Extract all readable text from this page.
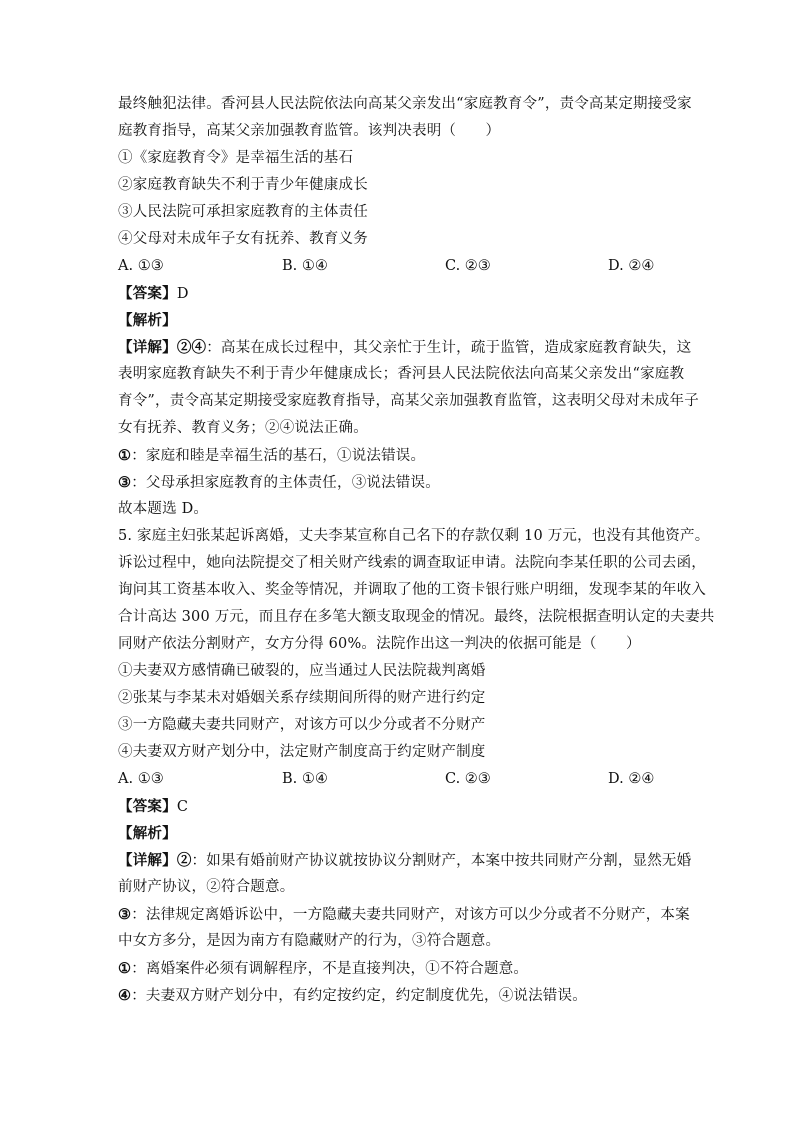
最终触犯法律。香河县人民法院依法向高某父亲发出“家庭教育令”，责令高某定期接受家
庭教育指导，高某父亲加强教育监管。该判决表明（　　）
①《家庭教育令》是幸福生活的基石
②家庭教育缺失不利于青少年健康成长
③人民法院可承担家庭教育的主体责任
④父母对未成年子女有抚养、教育义务
A. ①③	B. ①④	C. ②③	D. ②④
【答案】D
【解析】
【详解】②④：高某在成长过程中，其父亲忙于生计，疏于监管，造成家庭教育缺失，这
表明家庭教育缺失不利于青少年健康成长；香河县人民法院依法向高某父亲发出“家庭教
育令”，责令高某定期接受家庭教育指导，高某父亲加强教育监管，这表明父母对未成年子
女有抚养、教育义务；②④说法正确。
①：家庭和睦是幸福生活的基石，①说法错误。
③：父母承担家庭教育的主体责任，③说法错误。
故本题选 D。
5. 家庭主妇张某起诉离婚，丈夫李某宣称自己名下的存款仅剩 10 万元，也没有其他资产。
诉讼过程中，她向法院提交了相关财产线索的调查取证申请。法院向李某任职的公司去函，
询问其工资基本收入、奖金等情况，并调取了他的工资卡银行账户明细，发现李某的年收入
合计高达 300 万元，而且存在多笔大额支取现金的情况。最终，法院根据查明认定的夫妻共
同财产依法分割财产，女方分得 60%。法院作出这一判决的依据可能是（　　）
①夫妻双方感情确已破裂的，应当通过人民法院裁判离婚
②张某与李某未对婚姻关系存续期间所得的财产进行约定
③一方隐藏夫妻共同财产，对该方可以少分或者不分财产
④夫妻双方财产划分中，法定财产制度高于约定财产制度
A. ①③	B. ①④	C. ②③	D. ②④
【答案】C
【解析】
【详解】②：如果有婚前财产协议就按协议分割财产，本案中按共同财产分割，显然无婚
前财产协议，②符合题意。
③：法律规定离婚诉讼中，一方隐藏夫妻共同财产，对该方可以少分或者不分财产，本案
中女方多分，是因为南方有隐藏财产的行为，③符合题意。
①：离婚案件必须有调解程序，不是直接判决，①不符合题意。
④：夫妻双方财产划分中，有约定按约定，约定制度优先，④说法错误。
